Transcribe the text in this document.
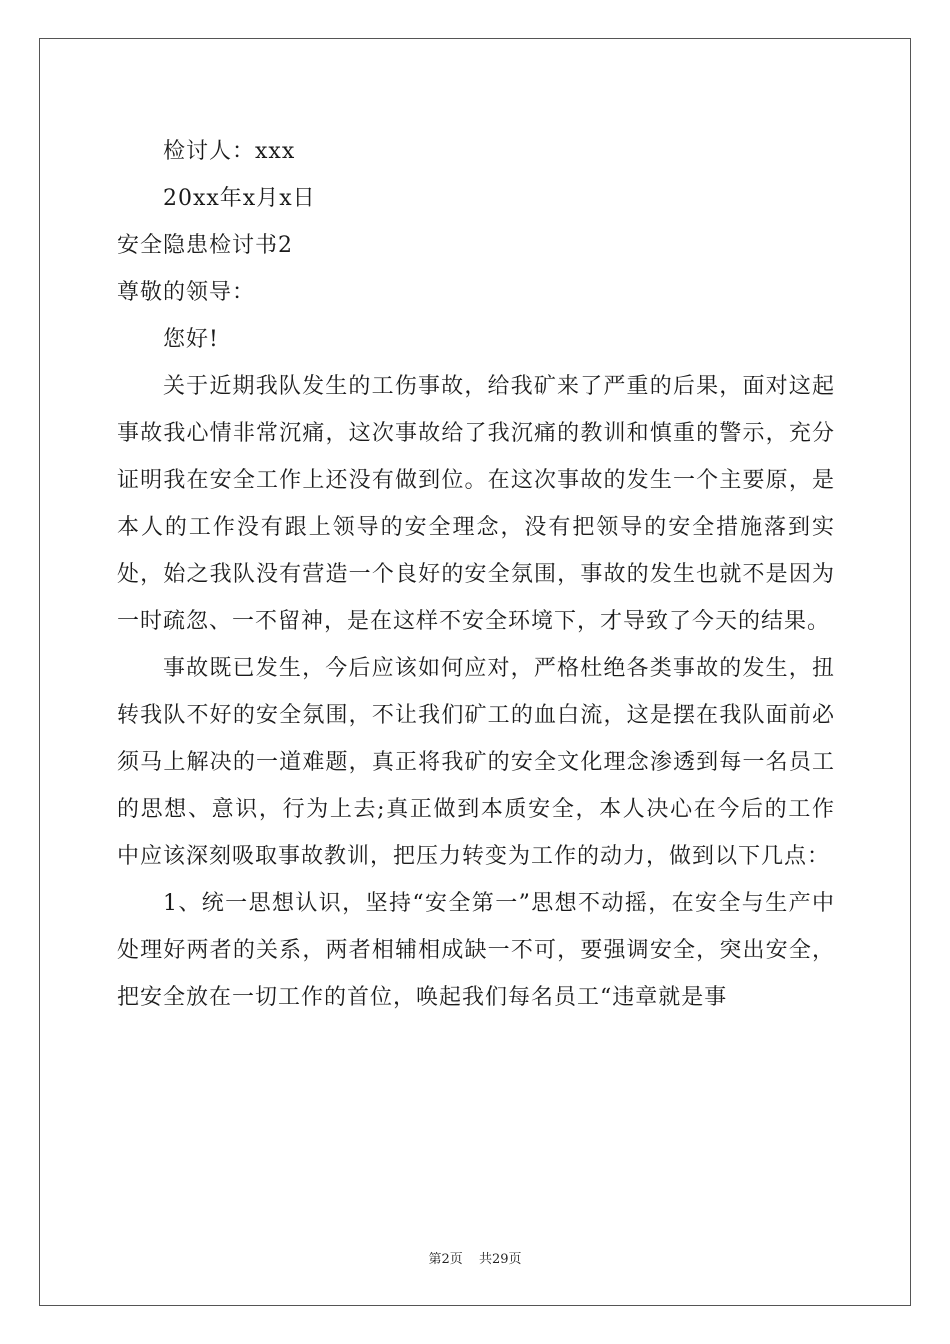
检讨人：xxx
20xx年x月x日
安全隐患检讨书2
尊敬的领导：
您好!

关于近期我队发生的工伤事故，给我矿来了严重的后果，面对这起事故我心情非常沉痛，这次事故给了我沉痛的教训和慎重的警示，充分证明我在安全工作上还没有做到位。在这次事故的发生一个主要原，是本人的工作没有跟上领导的安全理念，没有把领导的安全措施落到实处，始之我队没有营造一个良好的安全氛围，事故的发生也就不是因为一时疏忽、一不留神，是在这样不安全环境下，才导致了今天的结果。

事故既已发生，今后应该如何应对，严格杜绝各类事故的发生，扭转我队不好的安全氛围，不让我们矿工的血白流，这是摆在我队面前必须马上解决的一道难题，真正将我矿的安全文化理念渗透到每一名员工的思想、意识，行为上去;真正做到本质安全，本人决心在今后的工作中应该深刻吸取事故教训，把压力转变为工作的动力，做到以下几点：

1、统一思想认识，坚持“安全第一”思想不动摇，在安全与生产中处理好两者的关系，两者相辅相成缺一不可，要强调安全，突出安全，把安全放在一切工作的首位，唤起我们每名员工“违章就是事

第2页 共29页
